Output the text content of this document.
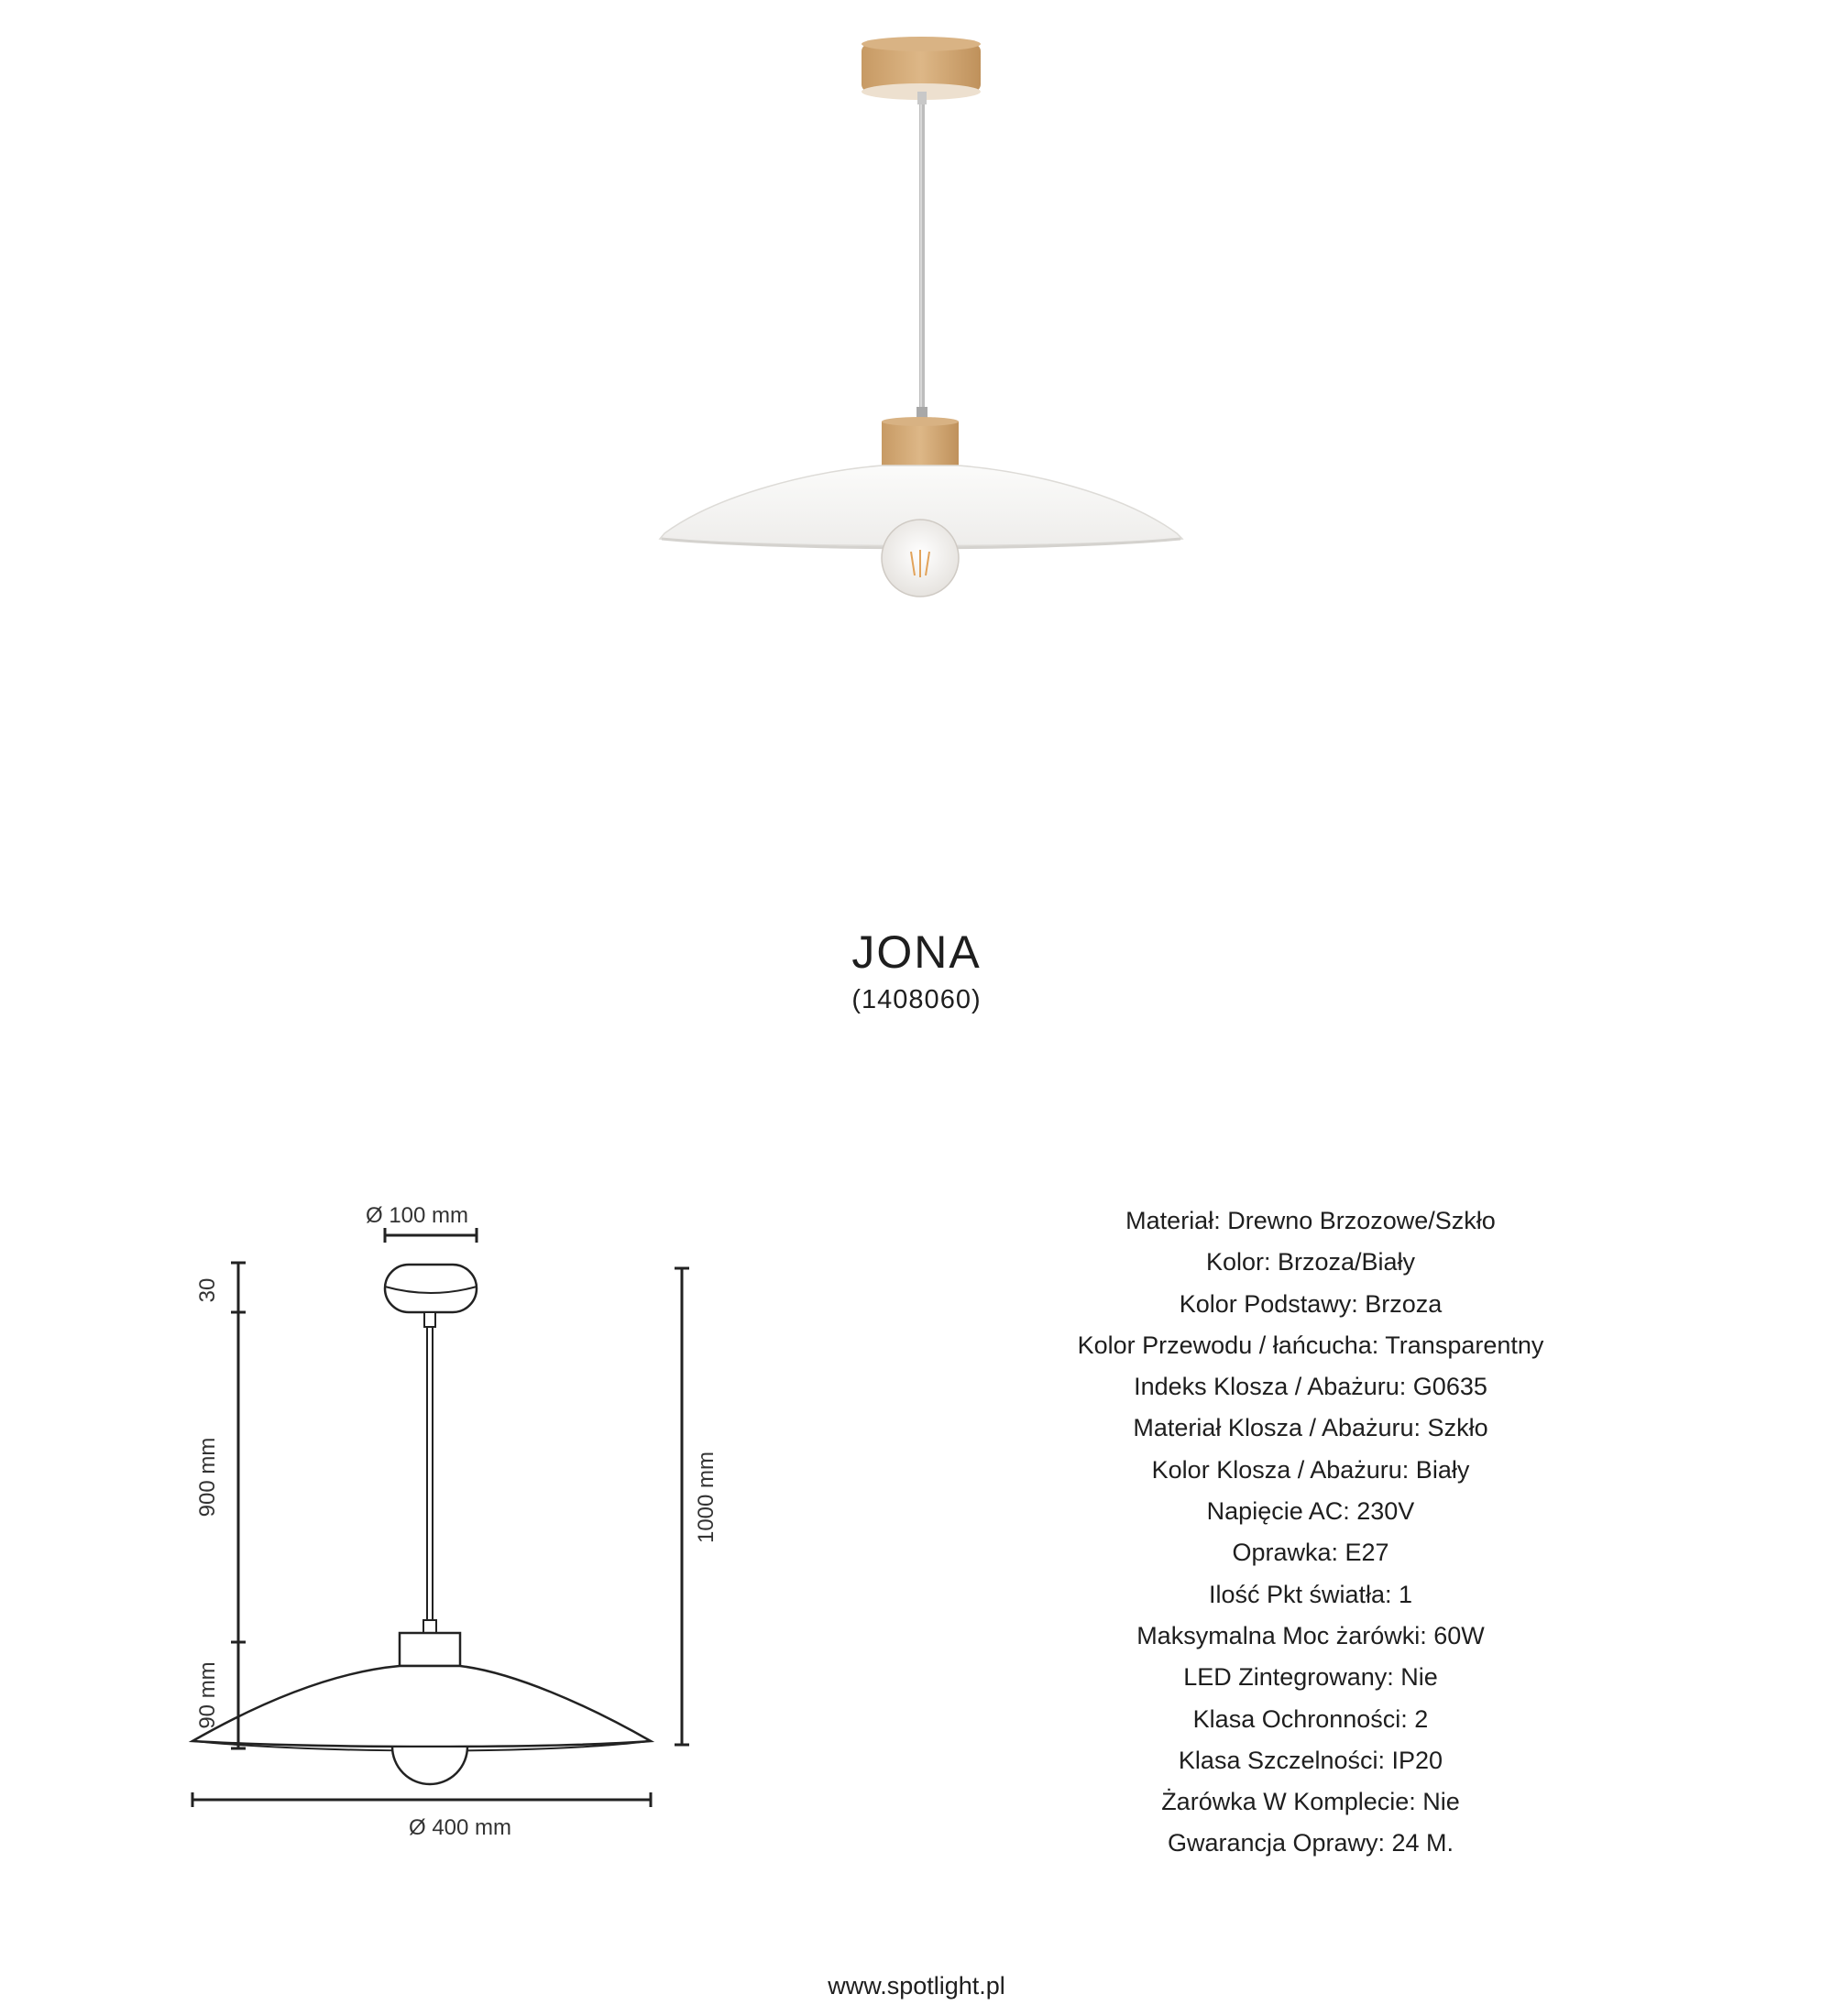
JONA
(1408060)
Ø 100 mm
30
900 mm
90 mm
1000 mm
Ø 400 mm
Materiał: Drewno Brzozowe/Szkło
Kolor: Brzoza/Biały
Kolor Podstawy: Brzoza
Kolor Przewodu / łańcucha: Transparentny
Indeks Klosza / Abażuru: G0635
Materiał Klosza / Abażuru: Szkło
Kolor Klosza / Abażuru: Biały
Napięcie AC: 230V
Oprawka: E27
Ilość Pkt światła: 1
Maksymalna Moc żarówki: 60W
LED Zintegrowany: Nie
Klasa Ochronności: 2
Klasa Szczelności: IP20
Żarówka W Komplecie: Nie
Gwarancja Oprawy: 24 M.
www.spotlight.pl
